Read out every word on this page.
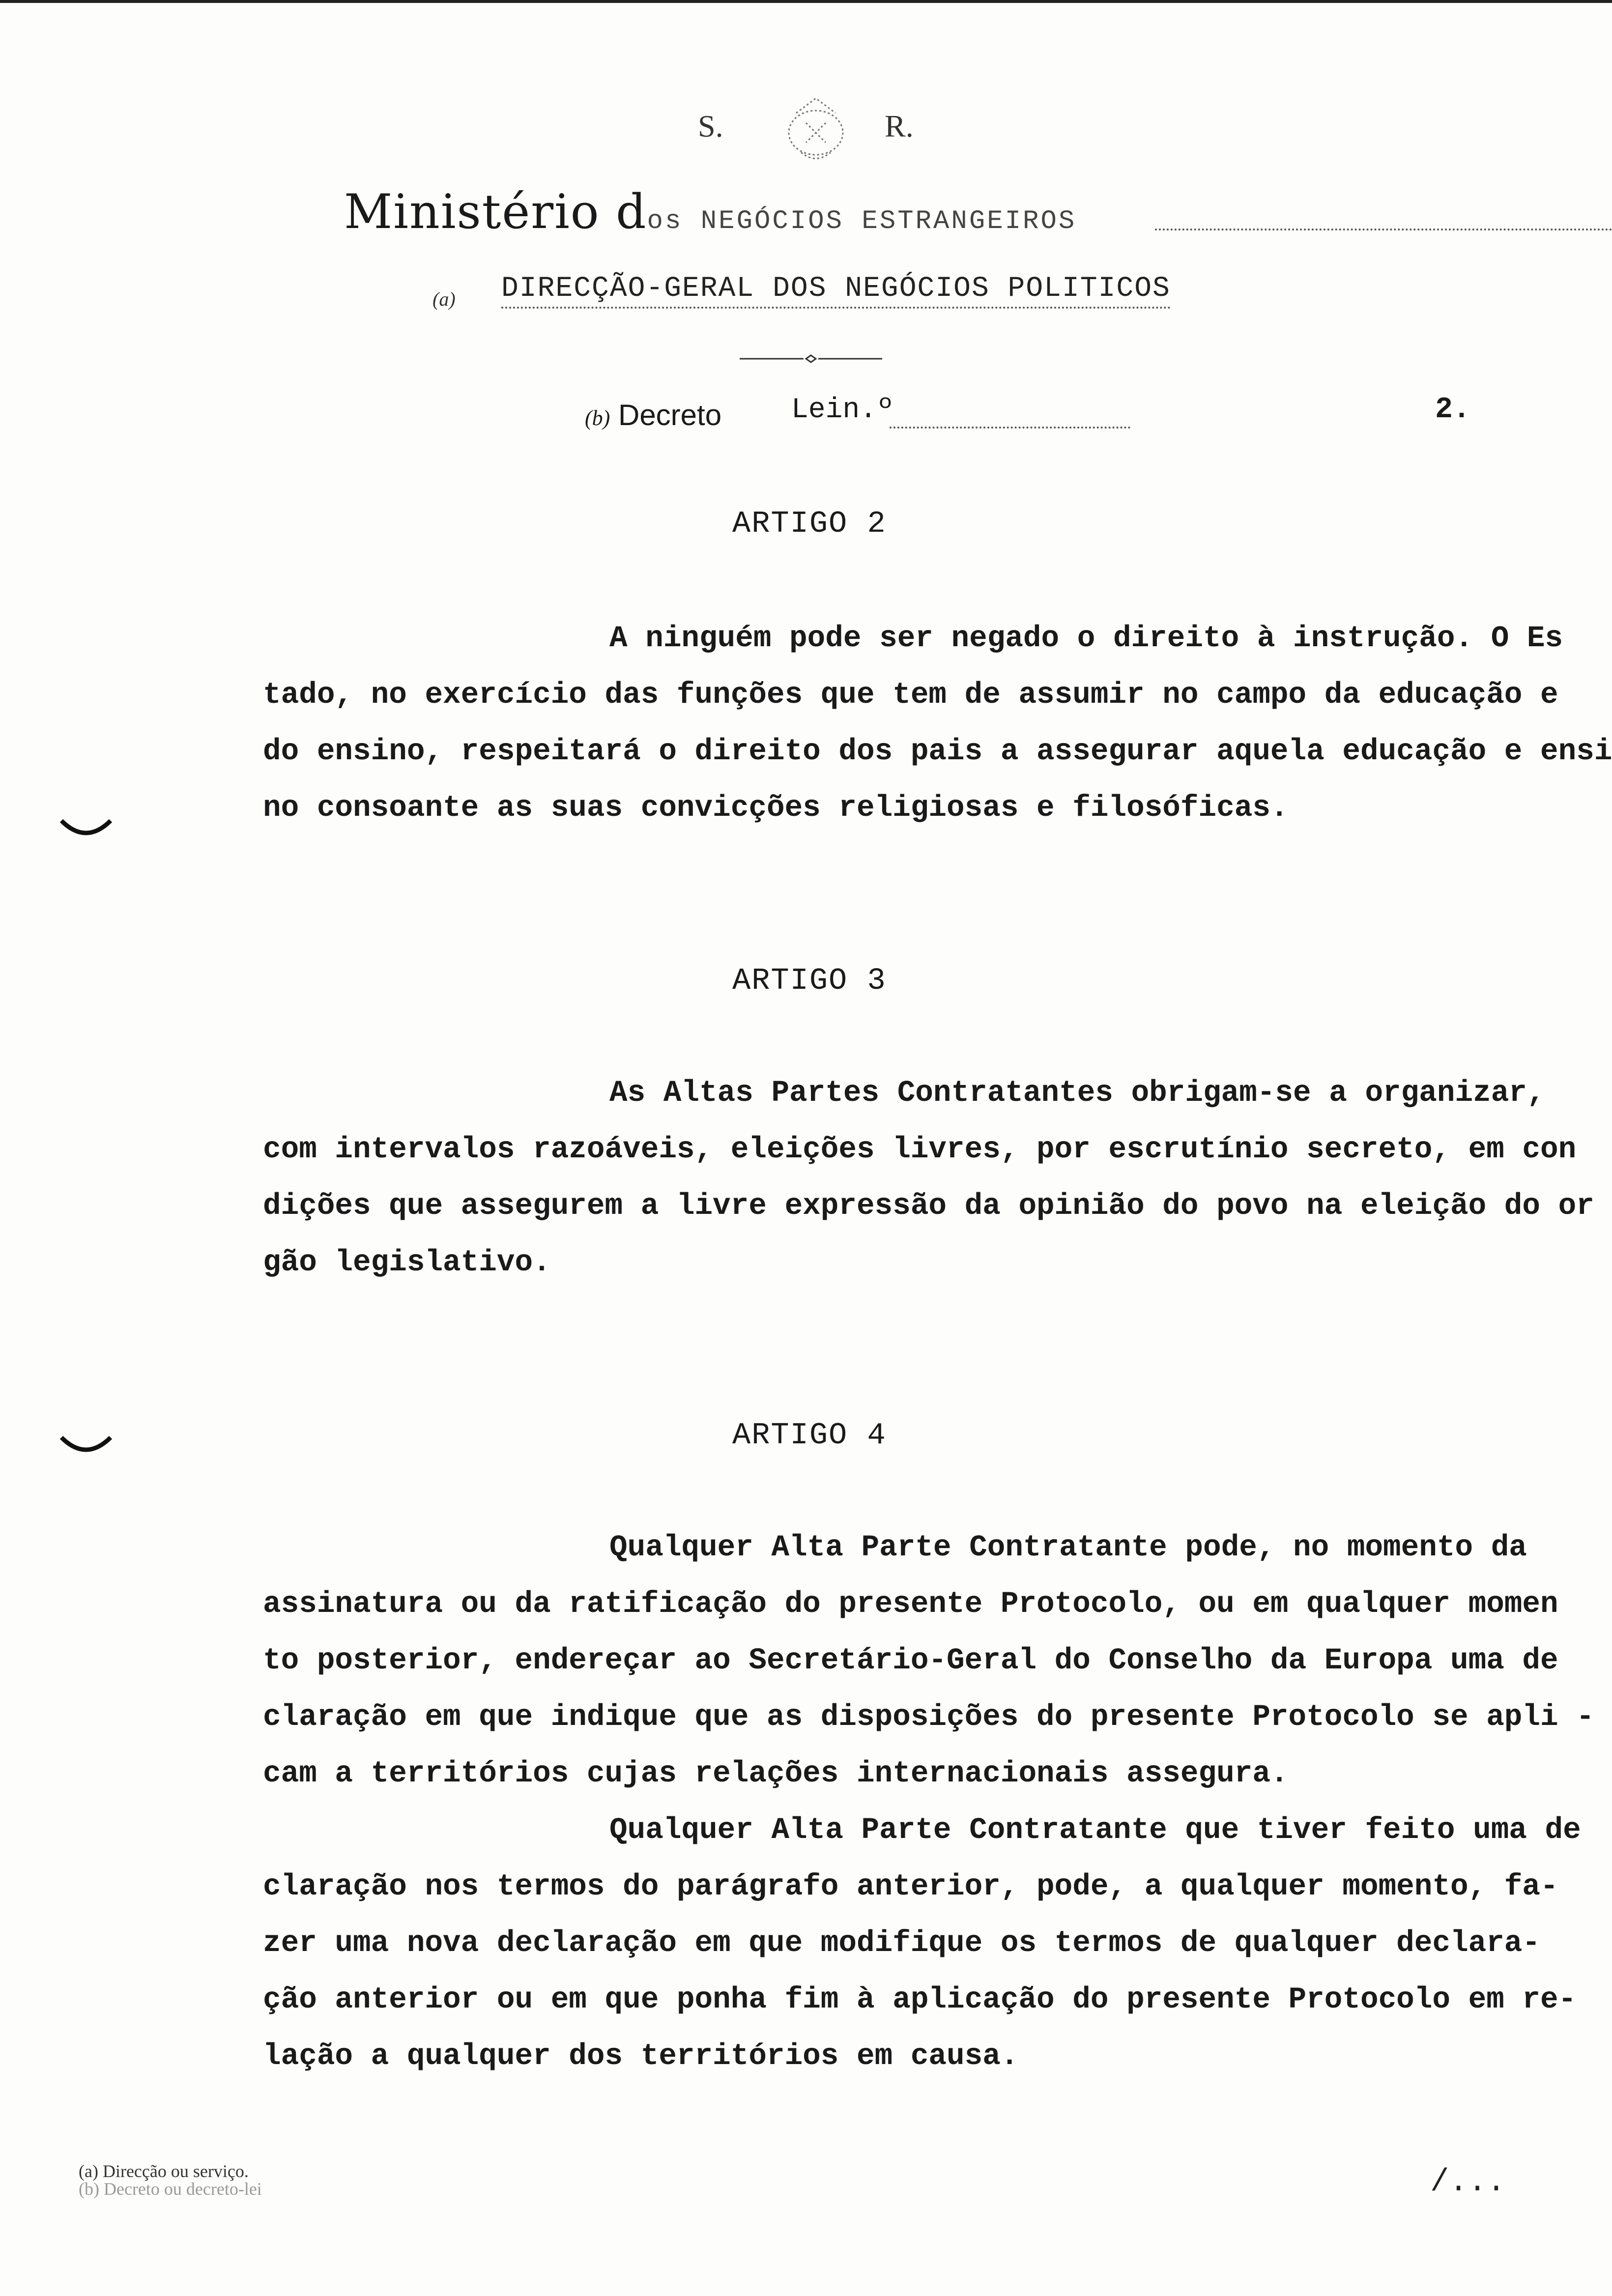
S.	R.
Ministério dos NEGÓCIOS ESTRANGEIROS
(a) DIRECÇÃO-GERAL DOS NEGÓCIOS POLITICOS
(b) Decreto Lein.º	2.
ARTIGO 2
A ninguém pode ser negado o direito à instrução. O Es
tado, no exercício das funções que tem de assumir no campo da educação e
do ensino, respeitará o direito dos pais a assegurar aquela educação e ensi
no consoante as suas convicções religiosas e filosóficas.
ARTIGO 3
As Altas Partes Contratantes obrigam-se a organizar,
com intervalos razoáveis, eleições livres, por escrutínio secreto, em con
dições que assegurem a livre expressão da opinião do povo na eleição do or
gão legislativo.
ARTIGO 4
Qualquer Alta Parte Contratante pode, no momento da
assinatura ou da ratificação do presente Protocolo, ou em qualquer momen
to posterior, endereçar ao Secretário-Geral do Conselho da Europa uma de
claração em que indique que as disposições do presente Protocolo se apli -
cam a territórios cujas relações internacionais assegura.
Qualquer Alta Parte Contratante que tiver feito uma de
claração nos termos do parágrafo anterior, pode, a qualquer momento, fa-
zer uma nova declaração em que modifique os termos de qualquer declara-
ção anterior ou em que ponha fim à aplicação do presente Protocolo em re-
lação a qualquer dos territórios em causa.
(a) Direcção ou serviço.
(b) Decreto ou decreto-lei	/...
